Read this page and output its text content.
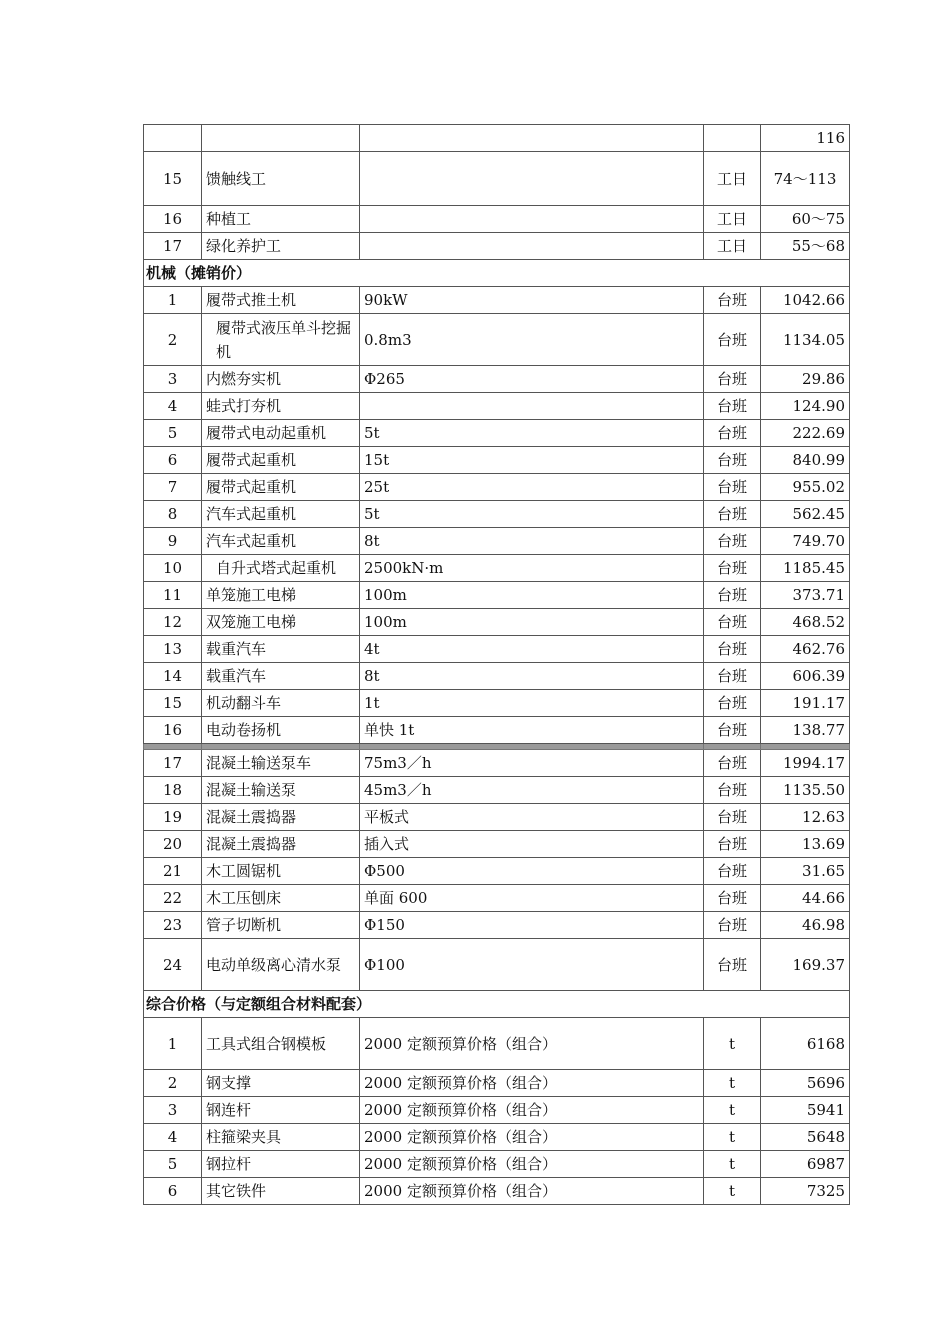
				116
15	馈触线工		工日	74～113
16	种植工		工日	60～75
17	绿化养护工		工日	55～68
机械（摊销价）				
1	履带式推土机	90kW	台班	1042.66
2	履带式液压单斗挖掘机	0.8m3	台班	1134.05
3	内燃夯实机	Φ265	台班	29.86
4	蛙式打夯机		台班	124.90
5	履带式电动起重机	5t	台班	222.69
6	履带式起重机	15t	台班	840.99
7	履带式起重机	25t	台班	955.02
8	汽车式起重机	5t	台班	562.45
9	汽车式起重机	8t	台班	749.70
10	自升式塔式起重机	2500kN·m	台班	1185.45
11	单笼施工电梯	100m	台班	373.71
12	双笼施工电梯	100m	台班	468.52
13	载重汽车	4t	台班	462.76
14	载重汽车	8t	台班	606.39
15	机动翻斗车	1t	台班	191.17
16	电动卷扬机	单快 1t	台班	138.77

17	混凝土输送泵车	75m3／h	台班	1994.17
18	混凝土输送泵	45m3／h	台班	1135.50
19	混凝土震捣器	平板式	台班	12.63
20	混凝土震捣器	插入式	台班	13.69
21	木工圆锯机	Φ500	台班	31.65
22	木工压刨床	单面 600	台班	44.66
23	管子切断机	Φ150	台班	46.98
24	电动单级离心清水泵	Φ100	台班	169.37
综合价格（与定额组合材料配套）				
1	工具式组合钢模板	2000 定额预算价格（组合）	t	6168
2	钢支撑	2000 定额预算价格（组合）	t	5696
3	钢连杆	2000 定额预算价格（组合）	t	5941
4	柱箍梁夹具	2000 定额预算价格（组合）	t	5648
5	钢拉杆	2000 定额预算价格（组合）	t	6987
6	其它铁件	2000 定额预算价格（组合）	t	7325
